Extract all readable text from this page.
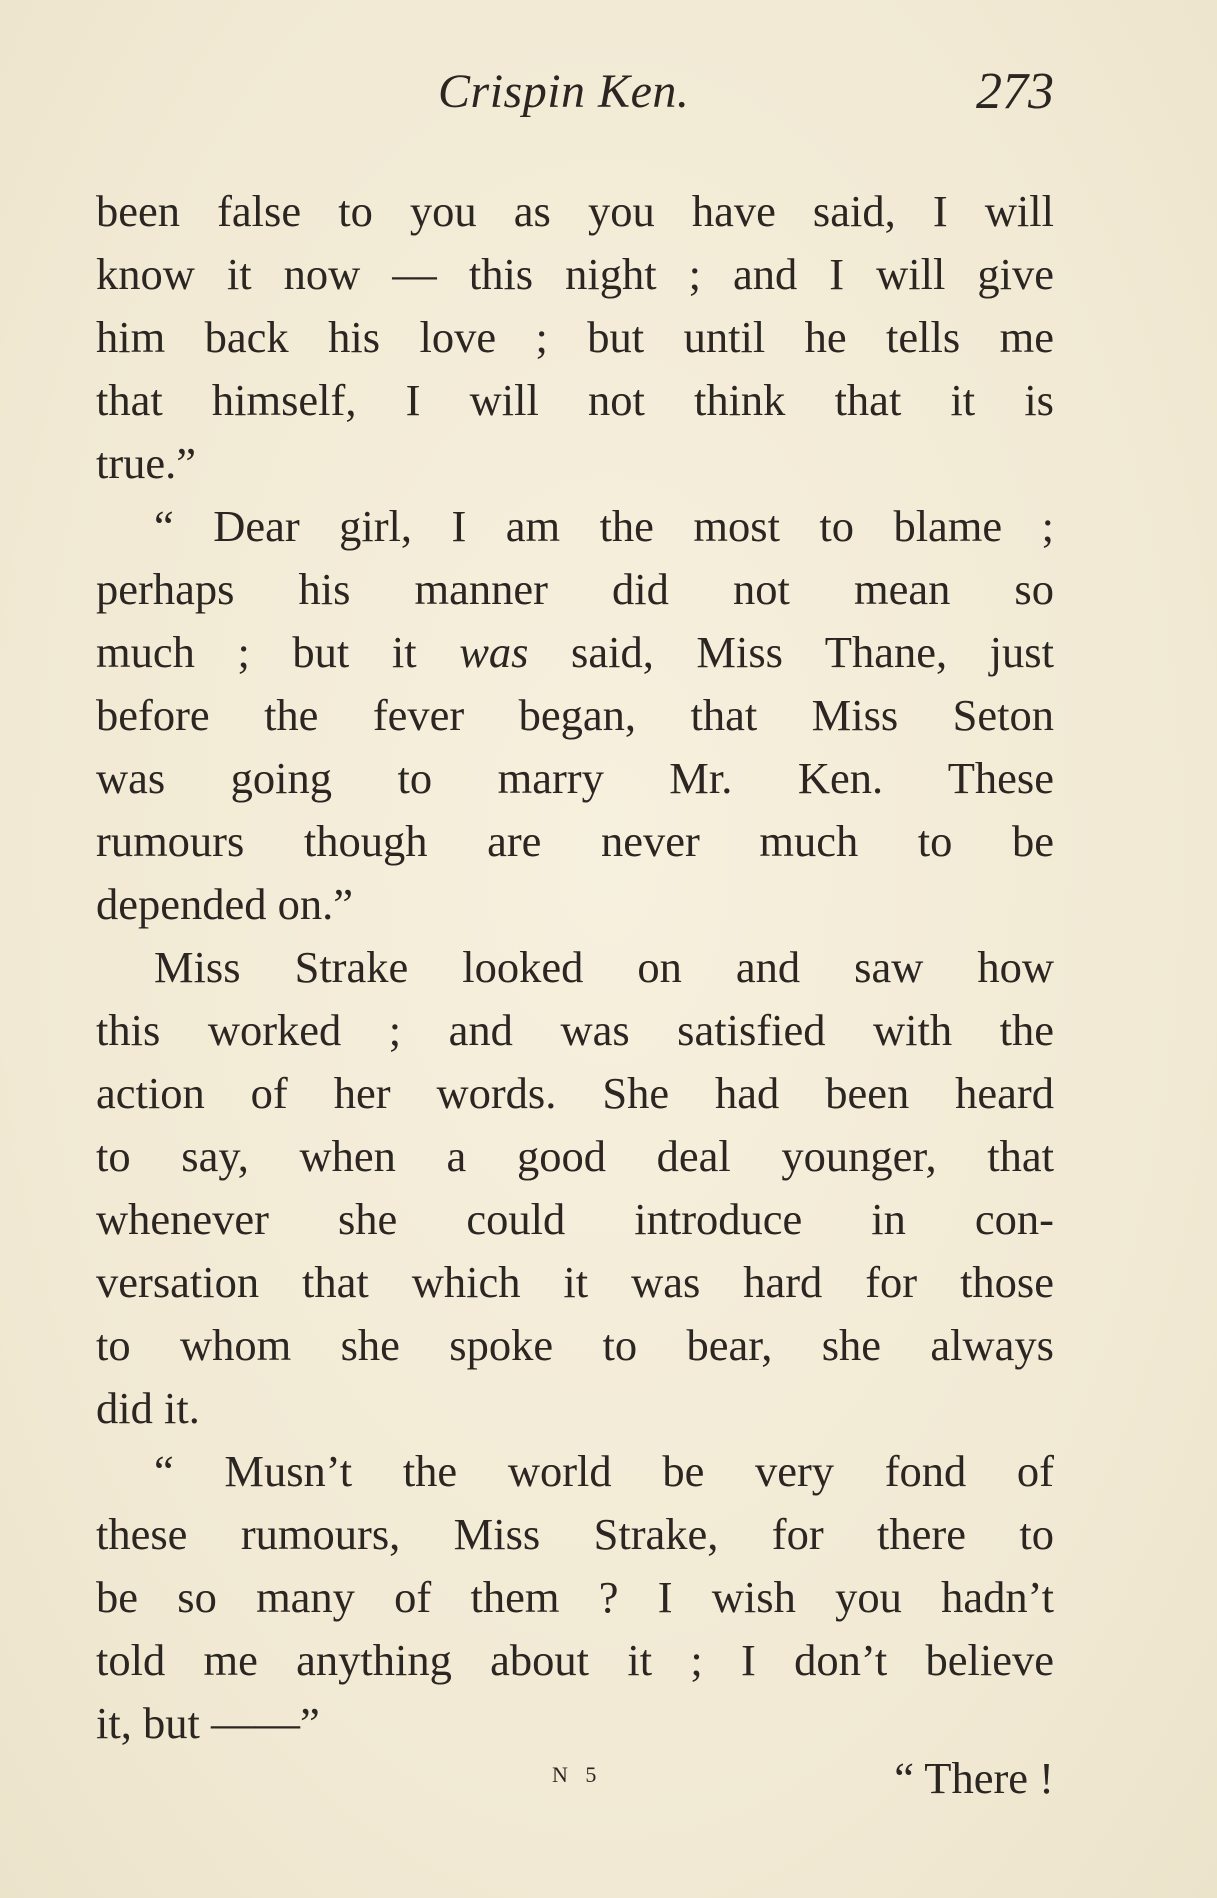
Crispin Ken.	273
been false to you as you have said, I will
know it now — this night ; and I will give
him back his love ; but until he tells me
that himself, I will not think that it is
true.”
“ Dear girl, I am the most to blame ;
perhaps his manner did not mean so
much ; but it was said, Miss Thane, just
before the fever began, that Miss Seton
was going to marry Mr. Ken. These
rumours though are never much to be
depended on.”
Miss Strake looked on and saw how
this worked ; and was satisfied with the
action of her words. She had been heard
to say, when a good deal younger, that
whenever she could introduce in con-
versation that which it was hard for those
to whom she spoke to bear, she always
did it.
“ Musn’t the world be very fond of
these rumours, Miss Strake, for there to
be so many of them ? I wish you hadn’t
told me anything about it ; I don’t believe
it, but ——”
N 5	“ There !
